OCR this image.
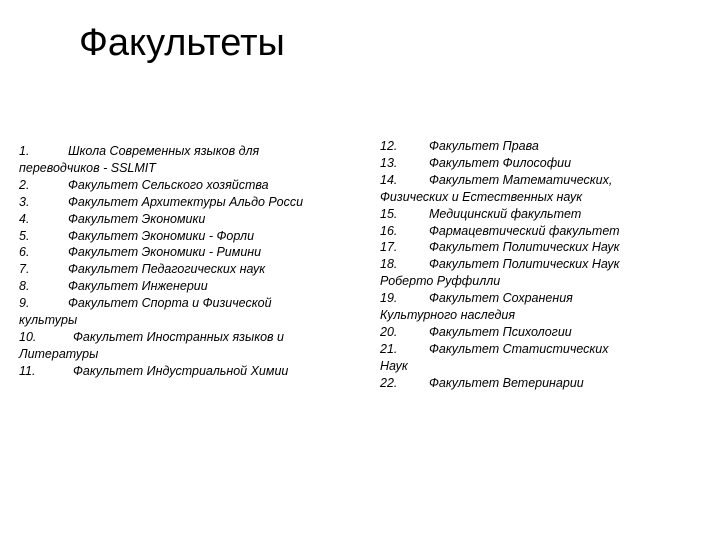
Факультеты
1.	Школа Современных языков для
переводчиков - SSLMIT
2.	Факультет Сельского хозяйства
3.	Факультет Архитектуры Альдо Росси
4.	Факультет Экономики
5.	Факультет Экономики - Форли
6.	Факультет Экономики - Римини
7.	Факультет Педагогических наук
8.	Факультет Инженерии
9.	Факультет Спорта и Физической
культуры
10.	Факультет Иностранных языков и
Литературы
11.	Факультет Индустриальной Химии
12.	Факультет Права
13.	Факультет Философии
14.	Факультет Математических,
Физических и Естественных наук
15.	Медицинский факультет
16.	Фармацевтический факультет
17.	Факультет Политических Наук
18.	Факультет Политических Наук
Роберто Руффилли
19.	Факультет Сохранения
Культурного наследия
20.	Факультет Психологии
21.	Факультет Статистических
Наук
22.	Факультет Ветеринарии
